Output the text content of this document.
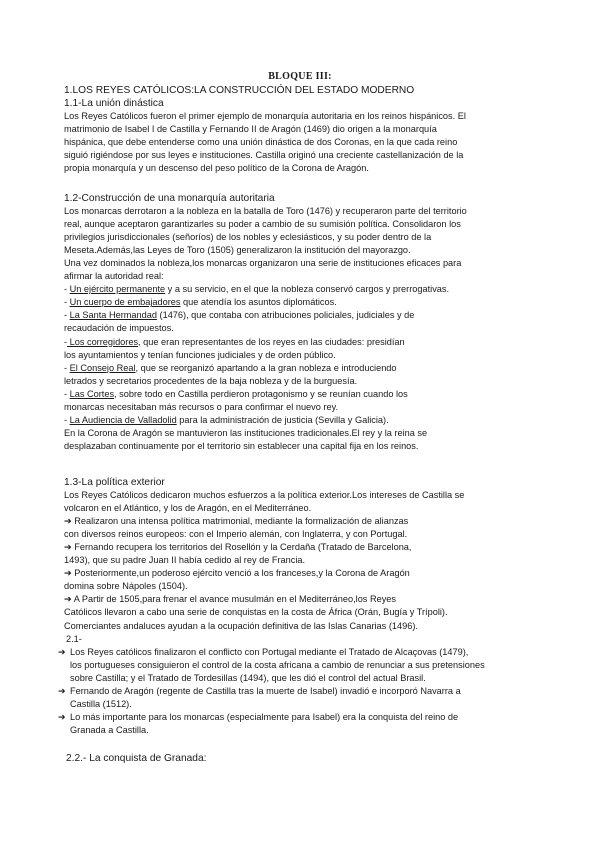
BLOQUE III:
1.LOS REYES CATÓLICOS:LA CONSTRUCCIÓN DEL ESTADO MODERNO
1.1-La unión dinástica
Los Reyes Católicos fueron el primer ejemplo de monarquía autoritaria en los reinos hispánicos. El
matrimonio de Isabel I de Castilla y Fernando II de Aragón (1469) dio origen a la monarquía
hispánica, que debe entenderse como una unión dinástica de dos Coronas, en la que cada reino
siguió rigiéndose por sus leyes e instituciones. Castilla originó una creciente castellanización de la
propia monarquía y un descenso del peso político de la Corona de Aragón.
1.2-Construcción de una monarquía autoritaria
Los monarcas derrotaron a la nobleza en la batalla de Toro (1476) y recuperaron parte del territorio
real, aunque aceptaron garantizarles su poder a cambio de su sumisión política. Consolidaron los
privilegios jurisdiccionales (señoríos) de los nobles y eclesiásticos, y su poder dentro de la
Meseta.Además,las Leyes de Toro (1505) generalizaron la institución del mayorazgo.
Una vez dominados la nobleza,los monarcas organizaron una serie de instituciones eficaces para
afirmar la autoridad real:
- Un ejército permanente y a su servicio, en el que la nobleza conservó cargos y prerrogativas.
- Un cuerpo de embajadores que atendía los asuntos diplomáticos.
- La Santa Hermandad (1476), que contaba con atribuciones policiales, judiciales y de
recaudación de impuestos.
- Los corregidores, que eran representantes de los reyes en las ciudades: presidían
los ayuntamientos y tenían funciones judiciales y de orden público.
- El Consejo Real, que se reorganizó apartando a la gran nobleza e introduciendo
letrados y secretarios procedentes de la baja nobleza y de la burguesía.
- Las Cortes, sobre todo en Castilla perdieron protagonismo y se reunían cuando los
monarcas necesitaban más recursos o para confirmar el nuevo rey.
- La Audiencia de Valladolid para la administración de justicia (Sevilla y Galicia).
En la Corona de Aragón se mantuvieron las instituciones tradicionales.El rey y la reina se
desplazaban continuamente por el territorio sin establecer una capital fija en los reinos.
1.3-La política exterior
Los Reyes Católicos dedicaron muchos esfuerzos a la política exterior.Los intereses de Castilla se
volcaron en el Atlántico, y los de Aragón, en el Mediterráneo.
➔ Realizaron una intensa política matrimonial, mediante la formalización de alianzas
con diversos reinos europeos: con el Imperio alemán, con Inglaterra, y con Portugal.
➔ Fernando recupera los territorios del Rosellón y la Cerdaña (Tratado de Barcelona,
1493), que su padre Juan II había cedido al rey de Francia.
➔ Posteriormente,un poderoso ejército venció a los franceses,y la Corona de Aragón
domina sobre Nápoles (1504).
➔ A Partir de 1505,para frenar el avance musulmán en el Mediterráneo,los Reyes
Católicos llevaron a cabo una serie de conquistas en la costa de África (Orán, Bugía y Trípoli).
Comerciantes andaluces ayudan a la ocupación definitiva de las Islas Canarias (1496).
2.1-
➔ Los Reyes católicos finalizaron el conflicto con Portugal mediante el Tratado de Alcaçovas (1479),
los portugueses consiguieron el control de la costa africana a cambio de renunciar a sus pretensiones
sobre Castilla; y el Tratado de Tordesillas (1494), que les dió el control del actual Brasil.
➔ Fernando de Aragón (regente de Castilla tras la muerte de Isabel) invadió e incorporó Navarra a
Castilla (1512).
➔ Lo más importante para los monarcas (especialmente para Isabel) era la conquista del reino de
Granada a Castilla.
2.2.- La conquista de Granada:
